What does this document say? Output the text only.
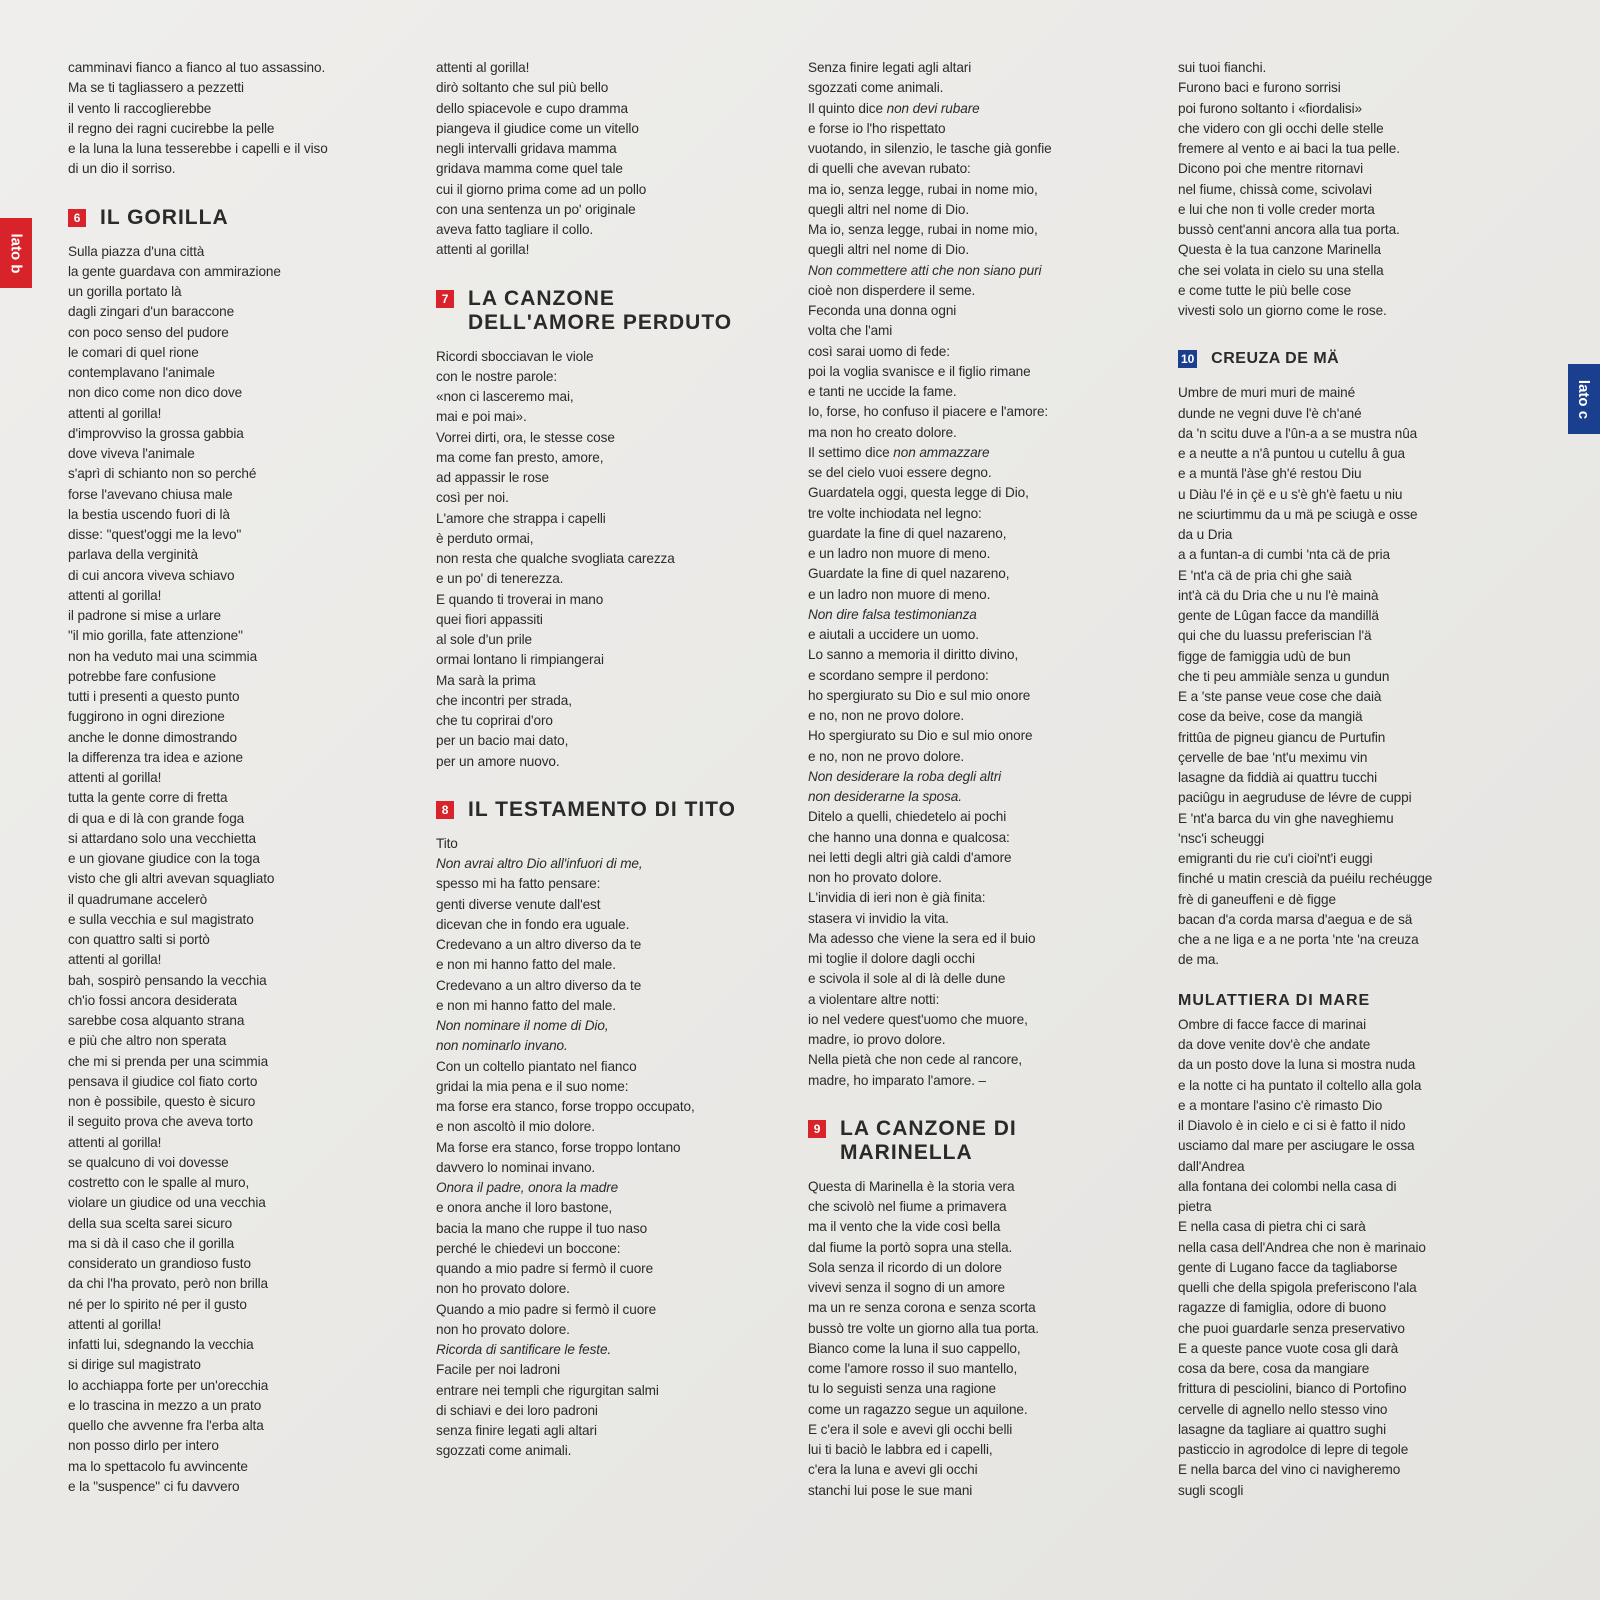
lato b
lato c
camminavi fianco a fianco al tuo assassino.
Ma se ti tagliassero a pezzetti
il vento li raccoglierebbe
il regno dei ragni cucirebbe la pelle
e la luna la luna tesserebbe i capelli e il viso
di un dio il sorriso.
6 IL GORILLA
Sulla piazza d'una città
la gente guardava con ammirazione
un gorilla portato là
dagli zingari d'un baraccone
con poco senso del pudore
le comari di quel rione
contemplavano l'animale
non dico come non dico dove
attenti al gorilla!
d'improvviso la grossa gabbia
dove viveva l'animale
s'aprì di schianto non so perché
forse l'avevano chiusa male
la bestia uscendo fuori di là
disse: "quest'oggi me la levo"
parlava della verginità
di cui ancora viveva schiavo
attenti al gorilla!
il padrone si mise a urlare
"il mio gorilla, fate attenzione"
non ha veduto mai una scimmia
potrebbe fare confusione
tutti i presenti a questo punto
fuggirono in ogni direzione
anche le donne dimostrando
la differenza tra idea e azione
attenti al gorilla!
tutta la gente corre di fretta
di qua e di là con grande foga
si attardano solo una vecchietta
e un giovane giudice con la toga
visto che gli altri avevan squagliato
il quadrumane accelerò
e sulla vecchia e sul magistrato
con quattro salti si portò
attenti al gorilla!
bah, sospirò pensando la vecchia
ch'io fossi ancora desiderata
sarebbe cosa alquanto strana
e più che altro non sperata
che mi si prenda per una scimmia
pensava il giudice col fiato corto
non è possibile, questo è sicuro
il seguito prova che aveva torto
attenti al gorilla!
se qualcuno di voi dovesse
costretto con le spalle al muro,
violare un giudice od una vecchia
della sua scelta sarei sicuro
ma si dà il caso che il gorilla
considerato un grandioso fusto
da chi l'ha provato, però non brilla
né per lo spirito né per il gusto
attenti al gorilla!
infatti lui, sdegnando la vecchia
si dirige sul magistrato
lo acchiappa forte per un'orecchia
e lo trascina in mezzo a un prato
quello che avvenne fra l'erba alta
non posso dirlo per intero
ma lo spettacolo fu avvincente
e la "suspence" ci fu davvero
attenti al gorilla!
dirò soltanto che sul più bello
dello spiacevole e cupo dramma
piangeva il giudice come un vitello
negli intervalli gridava mamma
gridava mamma come quel tale
cui il giorno prima come ad un pollo
con una sentenza un po' originale
aveva fatto tagliare il collo.
attenti al gorilla!
7 LA CANZONE DELL'AMORE PERDUTO
Ricordi sbocciavan le viole
con le nostre parole:
«non ci lasceremo mai,
mai e poi mai».
Vorrei dirti, ora, le stesse cose
ma come fan presto, amore,
ad appassir le rose
così per noi.
L'amore che strappa i capelli
è perduto ormai,
non resta che qualche svogliata carezza
e un po' di tenerezza.
E quando ti troverai in mano
quei fiori appassiti
al sole d'un prile
ormai lontano li rimpiangerai
Ma sarà la prima
che incontri per strada,
che tu coprirai d'oro
per un bacio mai dato,
per un amore nuovo.
8 IL TESTAMENTO DI TITO
Tito
Non avrai altro Dio all'infuori di me,
spesso mi ha fatto pensare:
genti diverse venute dall'est
dicevan che in fondo era uguale.
Credevano a un altro diverso da te
e non mi hanno fatto del male.
Credevano a un altro diverso da te
e non mi hanno fatto del male.
Non nominare il nome di Dio,
non nominarlo invano.
Con un coltello piantato nel fianco
gridai la mia pena e il suo nome:
ma forse era stanco, forse troppo occupato,
e non ascoltò il mio dolore.
Ma forse era stanco, forse troppo lontano
davvero lo nominai invano.
Onora il padre, onora la madre
e onora anche il loro bastone,
bacia la mano che ruppe il tuo naso
perché le chiedevi un boccone:
quando a mio padre si fermò il cuore
non ho provato dolore.
Quando a mio padre si fermò il cuore
non ho provato dolore.
Ricorda di santificare le feste.
Facile per noi ladroni
entrare nei templi che rigurgitan salmi
di schiavi e dei loro padroni
senza finire legati agli altari
sgozzati come animali.
Senza finire legati agli altari
sgozzati come animali.
Il quinto dice non devi rubare
e forse io l'ho rispettato
vuotando, in silenzio, le tasche già gonfie
di quelli che avevan rubato:
ma io, senza legge, rubai in nome mio,
quegli altri nel nome di Dio.
Ma io, senza legge, rubai in nome mio,
quegli altri nel nome di Dio.
Non commettere atti che non siano puri
cioè non disperdere il seme.
Feconda una donna ogni
volta che l'ami
così sarai uomo di fede:
poi la voglia svanisce e il figlio rimane
e tanti ne uccide la fame.
Io, forse, ho confuso il piacere e l'amore:
ma non ho creato dolore.
Il settimo dice non ammazzare
se del cielo vuoi essere degno.
Guardatela oggi, questa legge di Dio,
tre volte inchiodata nel legno:
guardate la fine di quel nazareno,
e un ladro non muore di meno.
Guardate la fine di quel nazareno,
e un ladro non muore di meno.
Non dire falsa testimonianza
e aiutali a uccidere un uomo.
Lo sanno a memoria il diritto divino,
e scordano sempre il perdono:
ho spergiurato su Dio e sul mio onore
e no, non ne provo dolore.
Ho spergiurato su Dio e sul mio onore
e no, non ne provo dolore.
Non desiderare la roba degli altri
non desiderarne la sposa.
Ditelo a quelli, chiedetelo ai pochi
che hanno una donna e qualcosa:
nei letti degli altri già caldi d'amore
non ho provato dolore.
L'invidia di ieri non è già finita:
stasera vi invidio la vita.
Ma adesso che viene la sera ed il buio
mi toglie il dolore dagli occhi
e scivola il sole al di là delle dune
a violentare altre notti:
io nel vedere quest'uomo che muore,
madre, io provo dolore.
Nella pietà che non cede al rancore,
madre, ho imparato l'amore. –
9 LA CANZONE DI MARINELLA
Questa di Marinella è la storia vera
che scivolò nel fiume a primavera
ma il vento che la vide così bella
dal fiume la portò sopra una stella.
Sola senza il ricordo di un dolore
vivevi senza il sogno di un amore
ma un re senza corona e senza scorta
bussò tre volte un giorno alla tua porta.
Bianco come la luna il suo cappello,
come l'amore rosso il suo mantello,
tu lo seguisti senza una ragione
come un ragazzo segue un aquilone.
E c'era il sole e avevi gli occhi belli
lui ti baciò le labbra ed i capelli,
c'era la luna e avevi gli occhi
stanchi lui pose le sue mani
sui tuoi fianchi.
Furono baci e furono sorrisi
poi furono soltanto i «fiordalisi»
che videro con gli occhi delle stelle
fremere al vento e ai baci la tua pelle.
Dicono poi che mentre ritornavi
nel fiume, chissà come, scivolavi
e lui che non ti volle creder morta
bussò cent'anni ancora alla tua porta.
Questa è la tua canzone Marinella
che sei volata in cielo su una stella
e come tutte le più belle cose
vivesti solo un giorno come le rose.
10 CREUZA DE MÄ
Umbre de muri muri de mainé
dunde ne vegni duve l'è ch'ané
da 'n scitu duve a l'ûn-a a se mustra nûa
e a neutte a n'â puntou u cutellu â gua
e a muntä l'àse gh'é restou Diu
u Diàu l'é in çë e u s'è gh'è faetu u niu
ne sciurtimmu da u mä pe sciugà e osse
da u Dria
a a funtan-a di cumbi 'nta cä de pria
E 'nt'a cä de pria chi ghe saià
int'à cä du Dria che u nu l'è mainà
gente de Lûgan facce da mandillä
qui che du luassu preferiscian l'ä
figge de famiggia udù de bun
che ti peu ammiàle senza u gundun
E a 'ste panse veue cose che daià
cose da beive, cose da mangiä
frittûa de pigneu giancu de Purtufin
çervelle de bae 'nt'u meximu vin
lasagne da fiddià ai quattru tucchi
paciûgu in aegruduse de lévre de cuppi
E 'nt'a barca du vin ghe naveghiemu
'nsc'i scheuggi
emigranti du rie cu'i cioi'nt'i euggi
finché u matin crescià da puéilu rechéugge
frè di ganeuffeni e dè figge
bacan d'a corda marsa d'aegua e de sä
che a ne liga e a ne porta 'nte 'na creuza
de ma.
MULATTIERA DI MARE
Ombre di facce facce di marinai
da dove venite dov'è che andate
da un posto dove la luna si mostra nuda
e la notte ci ha puntato il coltello alla gola
e a montare l'asino c'è rimasto Dio
il Diavolo è in cielo e ci si è fatto il nido
usciamo dal mare per asciugare le ossa
dall'Andrea
alla fontana dei colombi nella casa di
pietra
E nella casa di pietra chi ci sarà
nella casa dell'Andrea che non è marinaio
gente di Lugano facce da tagliaborse
quelli che della spigola preferiscono l'ala
ragazze di famiglia, odore di buono
che puoi guardarle senza preservativo
E a queste pance vuote cosa gli darà
cosa da bere, cosa da mangiare
frittura di pesciolini, bianco di Portofino
cervelle di agnello nello stesso vino
lasagne da tagliare ai quattro sughi
pasticcio in agrodolce di lepre di tegole
E nella barca del vino ci navigheremo
sugli scogli
